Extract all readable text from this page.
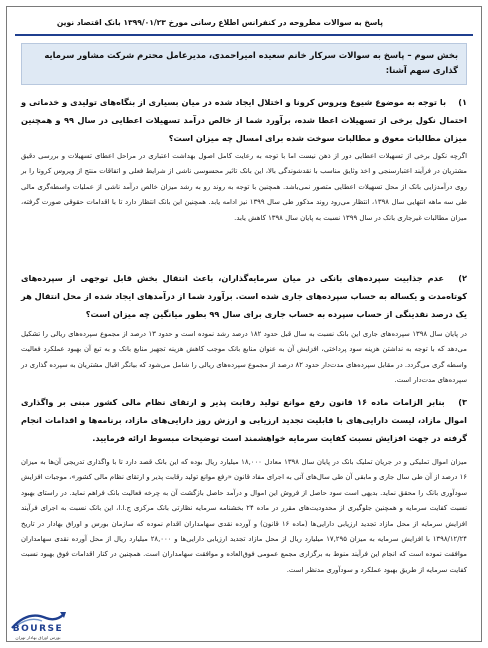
پاسخ به سوالات مطروحه در کنفرانس اطلاع رسانی مورخ ۱۳۹۹/۰۱/۲۳ بانک اقتصاد نوین
بخش سوم – پاسخ به سوالات سرکار خانم سعیده امیراحمدی، مدیرعامل محترم شرکت مشاور سرمایه گذاری سهم آشنا:
۱) با توجه به موضوع شیوع ویروس کرونا و اختلال ایجاد شده در میان بسیاری از بنگاه‌های تولیدی و خدماتی و احتمال نکول برخی از تسهیلات اعطا شده، برآورد شما از خالص درآمد تسهیلات اعطایی در سال ۹۹ و همچنین میزان مطالبات معوق و مطالبات سوخت شده برای امسال چه میزان است؟
اگرچه نکول برخی از تسهیلات اعطایی دور از ذهن نیست اما با توجه به رعایت کامل اصول بهداشت اعتباری در مراحل اعطای تسهیلات و بررسی دقیق مشتریان در فرآیند اعتبارسنجی و اخذ وثایق مناسب با نقدشوندگی بالا، این بانک تاثیر محسوسی ناشی از شرایط فعلی و اتفاقات منتج از ویروس کرونا را بر روی درآمدزایی بانک از محل تسهیلات اعطایی متصور نمی‌باشد. همچنین با توجه به روند رو به رشد میزان خالص درآمد ناشی از عملیات واسطه‌گری مالی طی سه ماهه انتهایی سال ۱۳۹۸، انتظار می‌رود روند مذکور طی سال ۱۳۹۹ نیز ادامه یابد. همچنین این بانک انتظار دارد تا با اقدامات حقوقی صورت گرفته، میزان مطالبات غیرجاری بانک در سال ۱۳۹۹ نسبت به پایان سال ۱۳۹۸ کاهش یابد.
۲) عدم جذابیت سپرده‌های بانکی در میان سرمایه‌گذاران، باعث انتقال بخش قابل توجهی از سپرده‌های کوتاه‌مدت و یکساله به حساب سپرده‌های جاری شده است. برآورد شما از درآمدهای ایجاد شده از محل انتقال هر یک درصد نقدینگی از حساب سپرده به حساب جاری برای سال ۹۹ بطور میانگین چه میزان است؟
در پایان سال ۱۳۹۸ سپرده‌های جاری این بانک نسبت به سال قبل حدود ۱۸۲ درصد رشد نموده است و حدود ۱۳ درصد از مجموع سپرده‌های ریالی را تشکیل می‌دهد که با توجه به نداشتن هزینه سود پرداختی، افزایش آن به عنوان منابع بانک موجب کاهش هزینه تجهیز منابع بانک و به تبع آن بهبود عملکرد فعالیت واسطه گری می‌گردد. در مقابل سپرده‌های مدت‌دار حدود ۸۲ درصد از مجموع سپرده‌های ریالی را شامل می‌شود که بیانگر اقبال مشتریان به سپرده گذاری در سپرده‌های مدت‌دار است.
۳) بنابر الزامات ماده ۱۶ قانون رفع موانع تولید رقابت پذیر و ارتقای نظام مالی کشور مبنی بر واگذاری اموال مازاد، لیست دارایی‌های با قابلیت تجدید ارزیابی و ارزش روز دارایی‌های مازاد، برنامه‌ها و اقدامات انجام گرفته در جهت افزایش نسبت کفایت سرمایه خواهشمند است توضیحات مبسوط ارائه فرمایید.
میزان اموال تملیکی و در جریان تملیک بانک در پایان سال ۱۳۹۸ معادل ۱۸,۰۰۰ میلیارد ریال بوده که این بانک قصد دارد تا با واگذاری تدریجی آن‌ها به میزان ۱۶ درصد از آن طی سال جاری و مابقی آن طی سال‌های آتی به اجرای مفاد قانون «رفع موانع تولید رقابت پذیر و ارتقای نظام مالی کشور»، موجبات افزایش سودآوری بانک را محقق نماید. بدیهی است سود حاصل از فروش این اموال و درآمد حاصل بازگشت آن به چرخه فعالیت بانک فراهم نماید. در راستای بهبود نسبت کفایت سرمایه و همچنین جلوگیری از محدودیت‌های مقرر در ماده ۲۴ بخشنامه سرمایه نظارتی بانک مرکزی ج.ا.ا، این بانک نسبت به اجرای فرآیند افزایش سرمایه از محل مازاد تجدید ارزیابی دارایی‌ها (ماده ۱۶ قانون) و آورده نقدی سهامداران اقدام نموده که سازمان بورس و اوراق بهادار در تاریخ ۱۳۹۸/۱۲/۲۴ با افزایش سرمایه به میزان ۱۷,۲۹۵ میلیارد ریال از محل مازاد تجدید ارزیابی دارایی‌ها و ۲۸,۰۰۰ میلیارد ریال از محل آورده نقدی سهامداران موافقت نموده است که انجام این فرآیند منوط به برگزاری مجمع عمومی فوق‌العاده و موافقت سهامداران است. همچنین در کنار اقدامات فوق بهبود نسبت کفایت سرمایه از طریق بهبود عملکرد و سودآوری مدنظر است.
BOURSE
بورس اوراق بهادار تهران
